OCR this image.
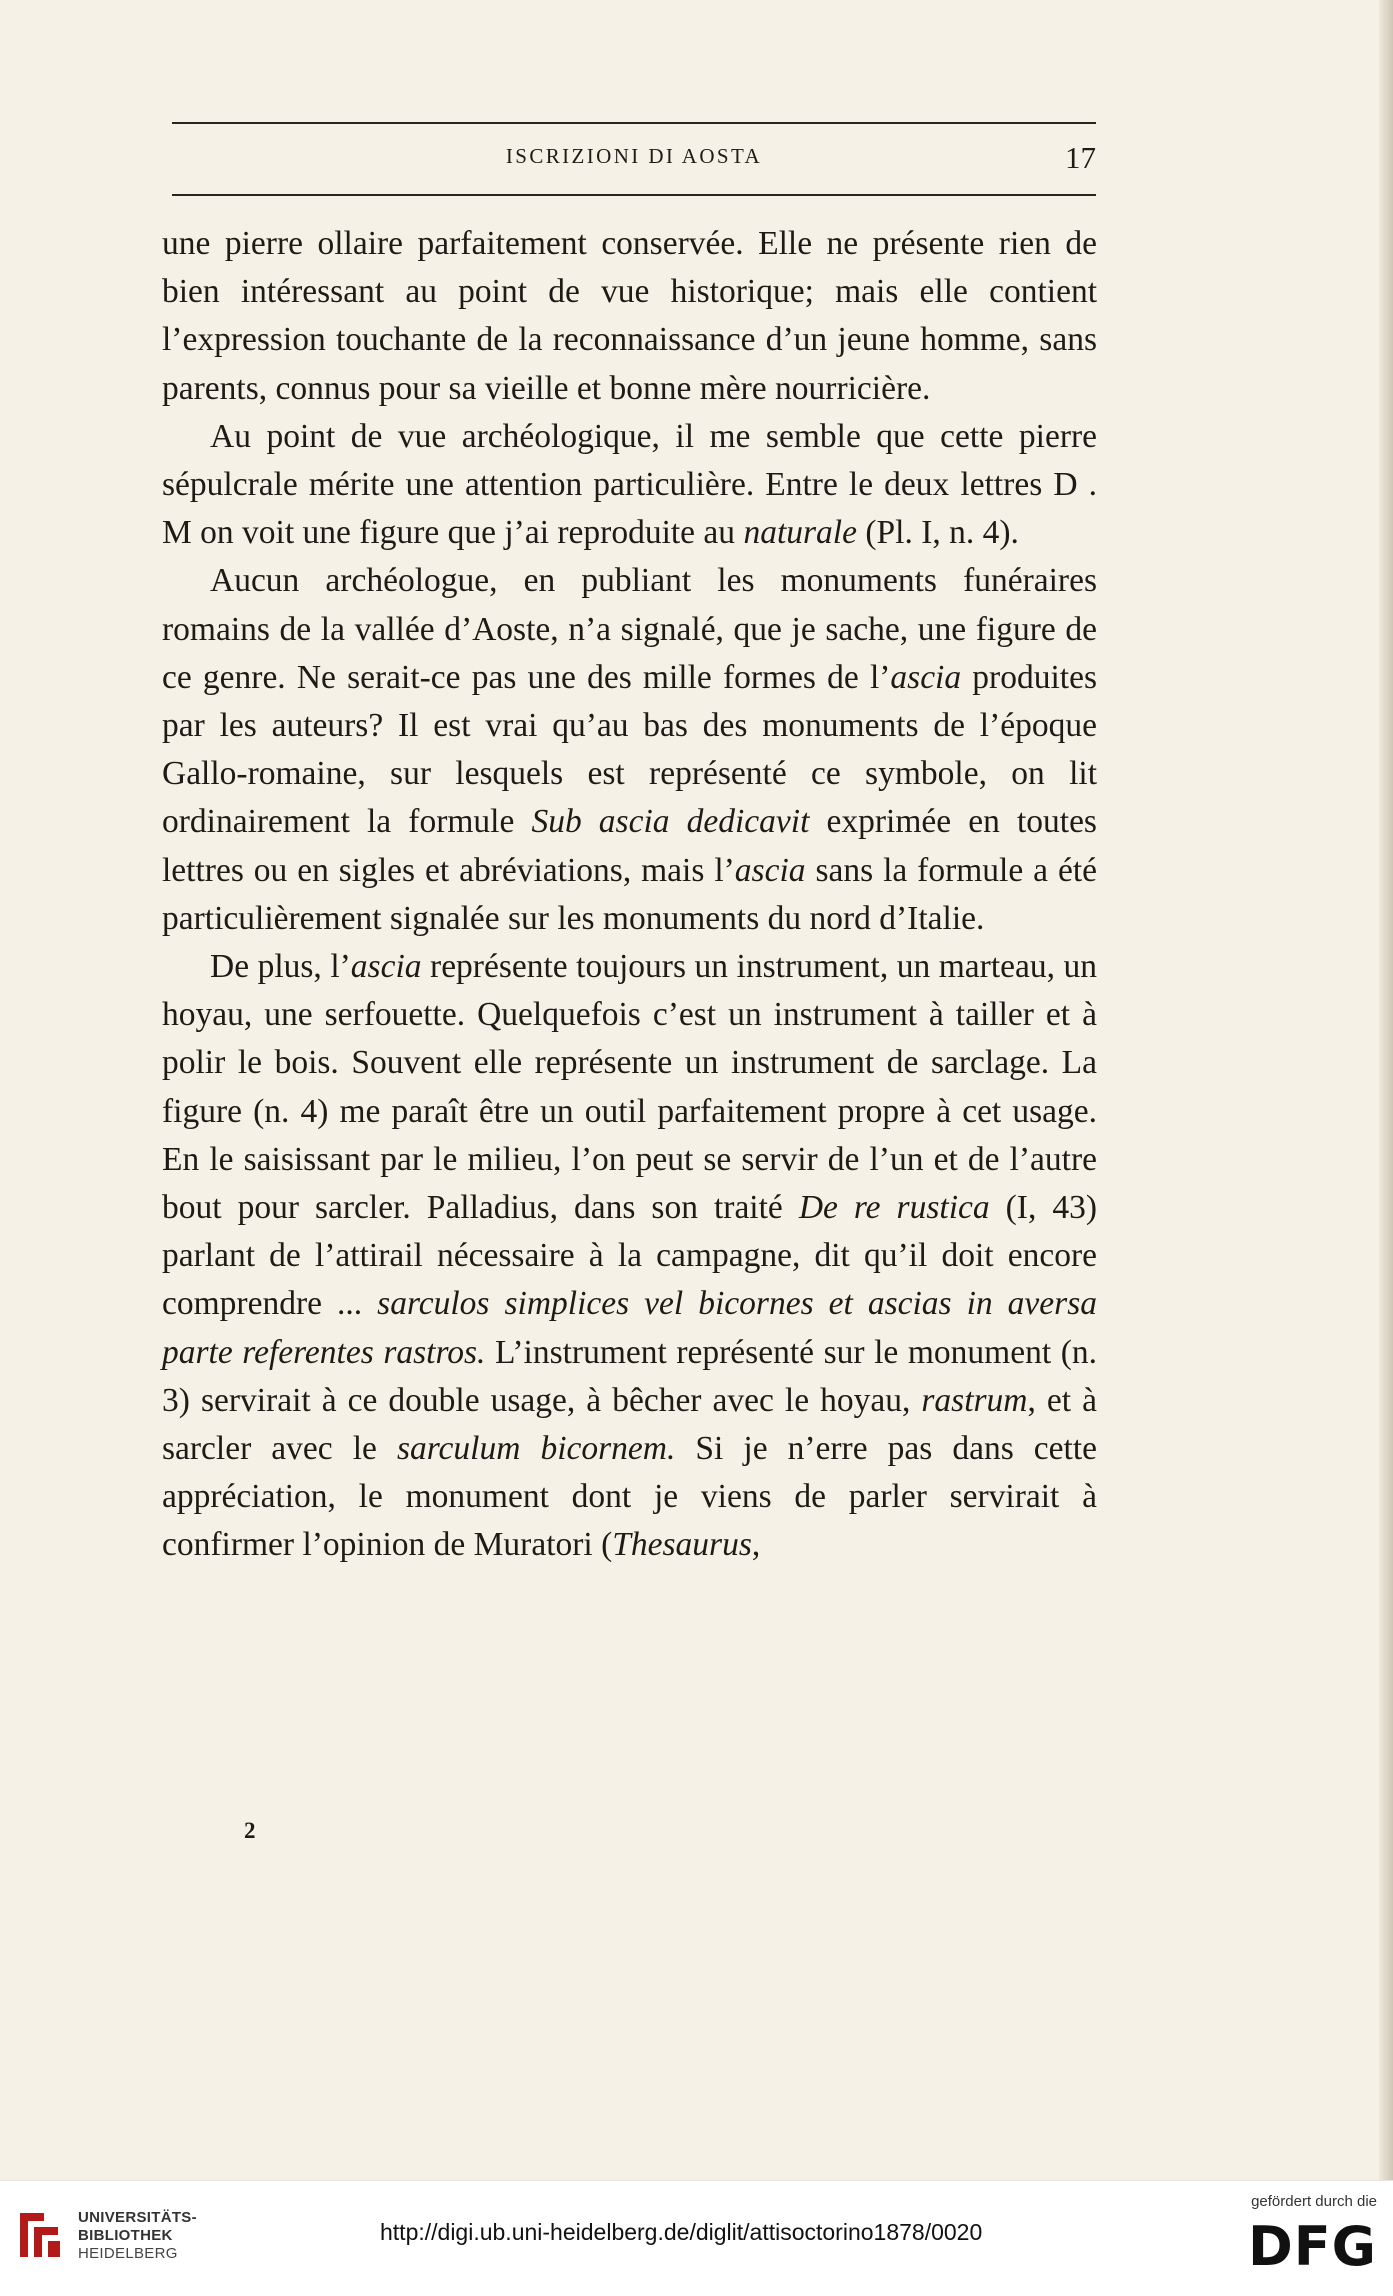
ISCRIZIONI DI AOSTA	17

une pierre ollaire parfaitement conservée. Elle ne présente rien de bien intéressant au point de vue historique; mais elle contient l’expression touchante de la reconnaissance d’un jeune homme, sans parents, connus pour sa vieille et bonne mère nourricière.

Au point de vue archéologique, il me semble que cette pierre sépulcrale mérite une attention particulière. Entre le deux lettres D . M on voit une figure que j’ai reproduite au naturale (Pl. I, n. 4).

Aucun archéologue, en publiant les monuments funéraires romains de la vallée d’Aoste, n’a signalé, que je sache, une figure de ce genre. Ne serait-ce pas une des mille formes de l’ascia produites par les auteurs? Il est vrai qu’au bas des monuments de l’époque Gallo-romaine, sur lesquels est représenté ce symbole, on lit ordinairement la formule Sub ascia dedicavit exprimée en toutes lettres ou en sigles et abréviations, mais l’ascia sans la formule a été particulièrement signalée sur les monuments du nord d’Italie.

De plus, l’ascia représente toujours un instrument, un marteau, un hoyau, une serfouette. Quelquefois c’est un instrument à tailler et à polir le bois. Souvent elle représente un instrument de sarclage. La figure (n. 4) me paraît être un outil parfaitement propre à cet usage. En le saisissant par le milieu, l’on peut se servir de l’un et de l’autre bout pour sarcler. Palladius, dans son traité De re rustica (I, 43) parlant de l’attirail nécessaire à la campagne, dit qu’il doit encore comprendre ... sarculos simplices vel bicornes et ascias in aversa parte referentes rastros. L’instrument représenté sur le monument (n. 3) servirait à ce double usage, à bêcher avec le hoyau, rastrum, et à sarcler avec le sarculum bicornem. Si je n’erre pas dans cette appréciation, le monument dont je viens de parler servirait à confirmer l’opinion de Muratori (Thesaurus,

2
UNIVERSITÄTS-
BIBLIOTHEK
HEIDELBERG
http://digi.ub.uni-heidelberg.de/diglit/attisoctorino1878/0020
gefördert durch die
DFG
